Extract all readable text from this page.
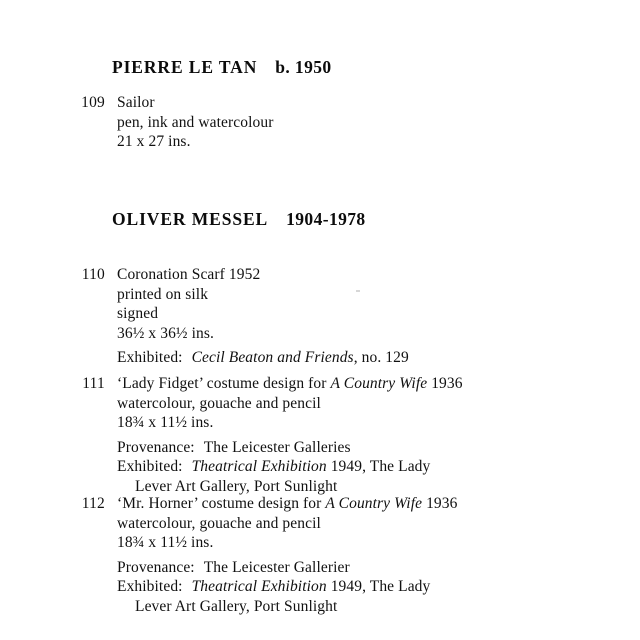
PIERRE LE TAN b. 1950
109 Sailor
pen, ink and watercolour
21 x 27 ins.
OLIVER MESSEL 1904-1978
110 Coronation Scarf 1952
printed on silk
signed
36½ x 36½ ins.
Exhibited: Cecil Beaton and Friends, no. 129
111 ‘Lady Fidget’ costume design for A Country Wife 1936
watercolour, gouache and pencil
18¾ x 11½ ins.
Provenance: The Leicester Galleries
Exhibited: Theatrical Exhibition 1949, The Lady
Lever Art Gallery, Port Sunlight
112 ‘Mr. Horner’ costume design for A Country Wife 1936
watercolour, gouache and pencil
18¾ x 11½ ins.
Provenance: The Leicester Gallerier
Exhibited: Theatrical Exhibition 1949, The Lady
Lever Art Gallery, Port Sunlight
